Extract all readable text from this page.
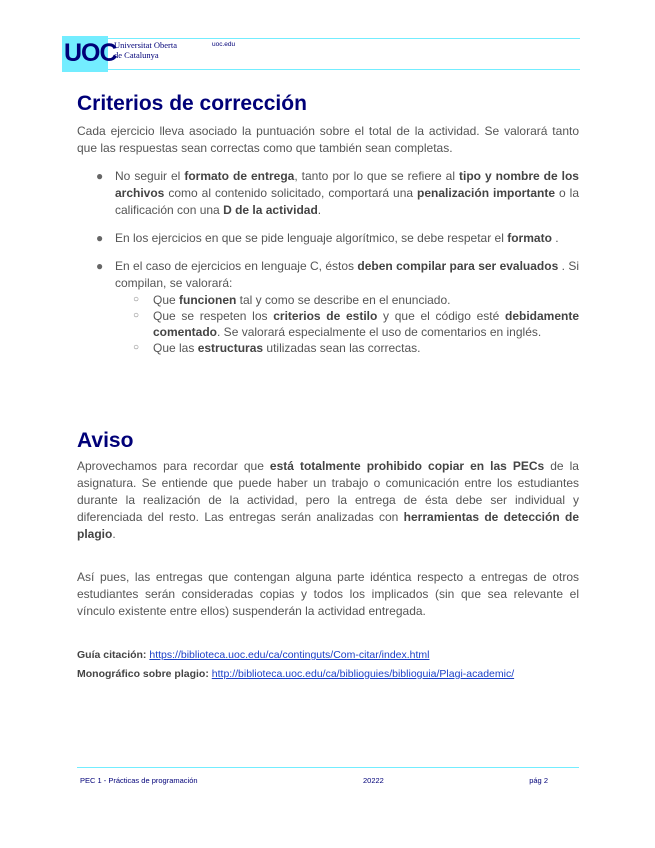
UOC
Universitat Oberta
de Catalunya
uoc.edu
Criterios de corrección

Cada ejercicio lleva asociado la puntuación sobre el total de la actividad. Se valorará tanto que las respuestas sean correctas como que también sean completas.

● No seguir el formato de entrega, tanto por lo que se refiere al tipo y nombre de los archivos como al contenido solicitado, comportará una penalización importante o la calificación con una D de la actividad.
● En los ejercicios en que se pide lenguaje algorítmico, se debe respetar el formato .
● En el caso de ejercicios en lenguaje C, éstos deben compilar para ser evaluados . Si compilan, se valorará:
○ Que funcionen tal y como se describe en el enunciado.
○ Que se respeten los criterios de estilo y que el código esté debidamente comentado. Se valorará especialmente el uso de comentarios en inglés.
○ Que las estructuras utilizadas sean las correctas.
Aviso

Aprovechamos para recordar que está totalmente prohibido copiar en las PECs de la asignatura. Se entiende que puede haber un trabajo o comunicación entre los estudiantes durante la realización de la actividad, pero la entrega de ésta debe ser individual y diferenciada del resto. Las entregas serán analizadas con herramientas de detección de plagio.

Así pues, las entregas que contengan alguna parte idéntica respecto a entregas de otros estudiantes serán consideradas copias y todos los implicados (sin que sea relevante el vínculo existente entre ellos) suspenderán la actividad entregada.

Guía citación: https://biblioteca.uoc.edu/ca/continguts/Com-citar/index.html
Monográfico sobre plagio: http://biblioteca.uoc.edu/ca/biblioguies/biblioguia/Plagi-academic/
PEC 1 - Prácticas de programación	20222	pág 2
